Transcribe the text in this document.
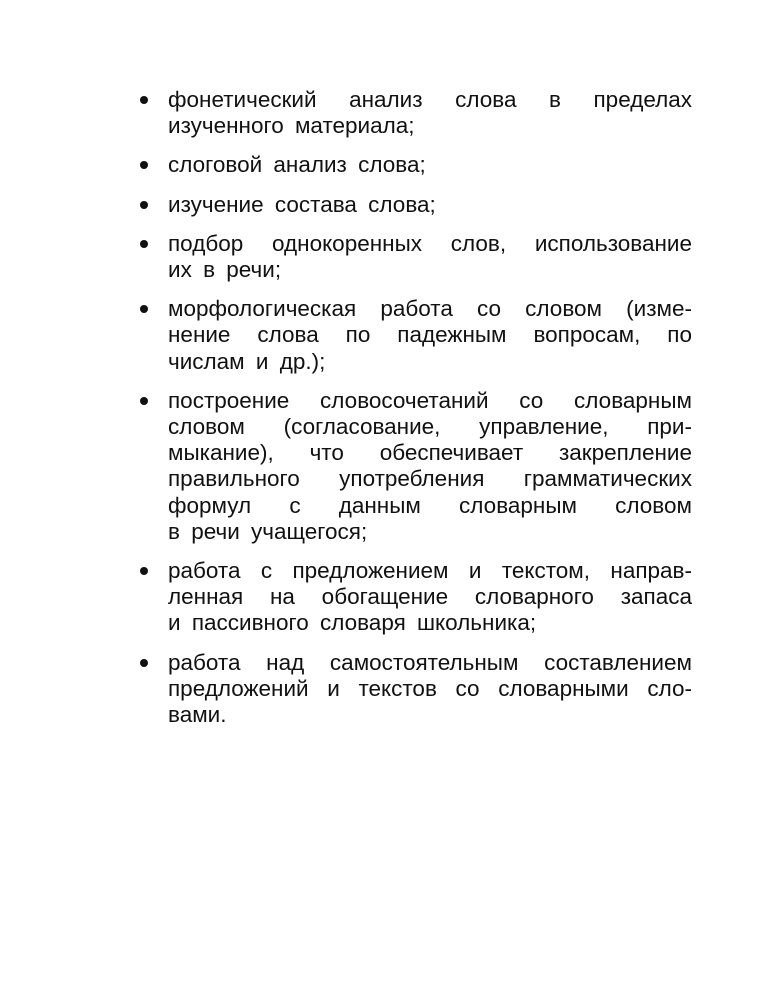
фонетический анализ слова в пределах
изученного материала;
слоговой анализ слова;
изучение состава слова;
подбор однокоренных слов, использование
их в речи;
морфологическая работа со словом (изме-
нение слова по падежным вопросам, по
числам и др.);
построение словосочетаний со словарным
словом (согласование, управление, при-
мыкание), что обеспечивает закрепление
правильного употребления грамматических
формул с данным словарным словом
в речи учащегося;
работа с предложением и текстом, направ-
ленная на обогащение словарного запаса
и пассивного словаря школьника;
работа над самостоятельным составлением
предложений и текстов со словарными сло-
вами.
